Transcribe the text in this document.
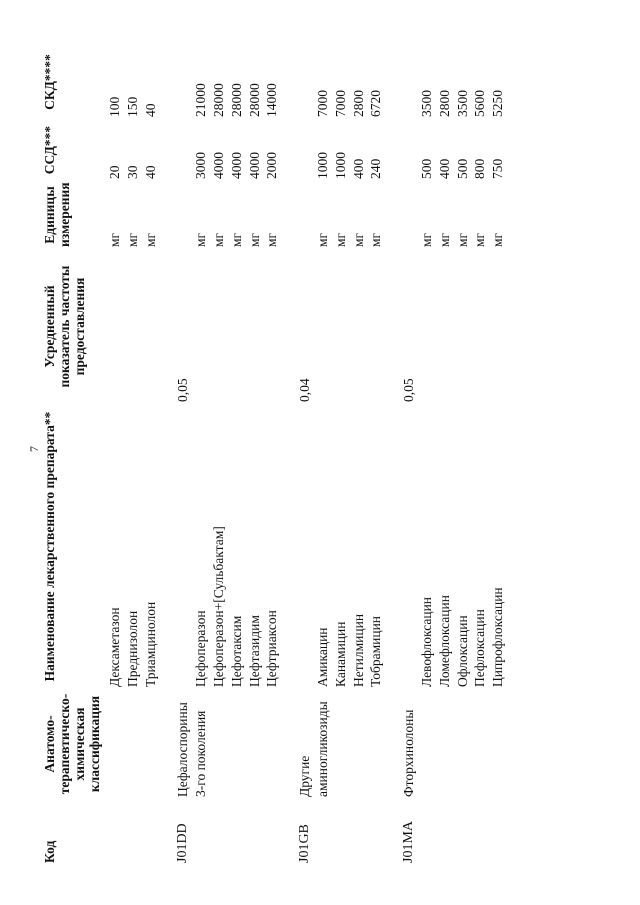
7
Код	Анатомо-терапевтическо-химическая классификация	Наименование лекарственного препарата**	Усредненный показатель частоты предоставления	Единицы измерения	ССД***	СКД****
		Дексаметазон		мг	20	100
		Преднизолон		мг	30	150
		Триамцинолон		мг	40	40

J01DD	Цефалоспорины 3-го поколения		0,05			
		Цефоперазон		мг	3000	21000
		Цефоперазон+[Сульбактам]		мг	4000	28000
		Цефотаксим		мг	4000	28000
		Цефтазидим		мг	4000	28000
		Цефтриаксон		мг	2000	14000

J01GB	Другие аминогликозиды		0,04			
		Амикацин		мг	1000	7000
		Канамицин		мг	1000	7000
		Нетилмицин		мг	400	2800
		Тобрамицин		мг	240	6720

J01MA	Фторхинолоны		0,05			
		Левофлоксацин		мг	500	3500
		Ломефлоксацин		мг	400	2800
		Офлоксацин		мг	500	3500
		Пефлоксацин		мг	800	5600
		Ципрофлоксацин		мг	750	5250
